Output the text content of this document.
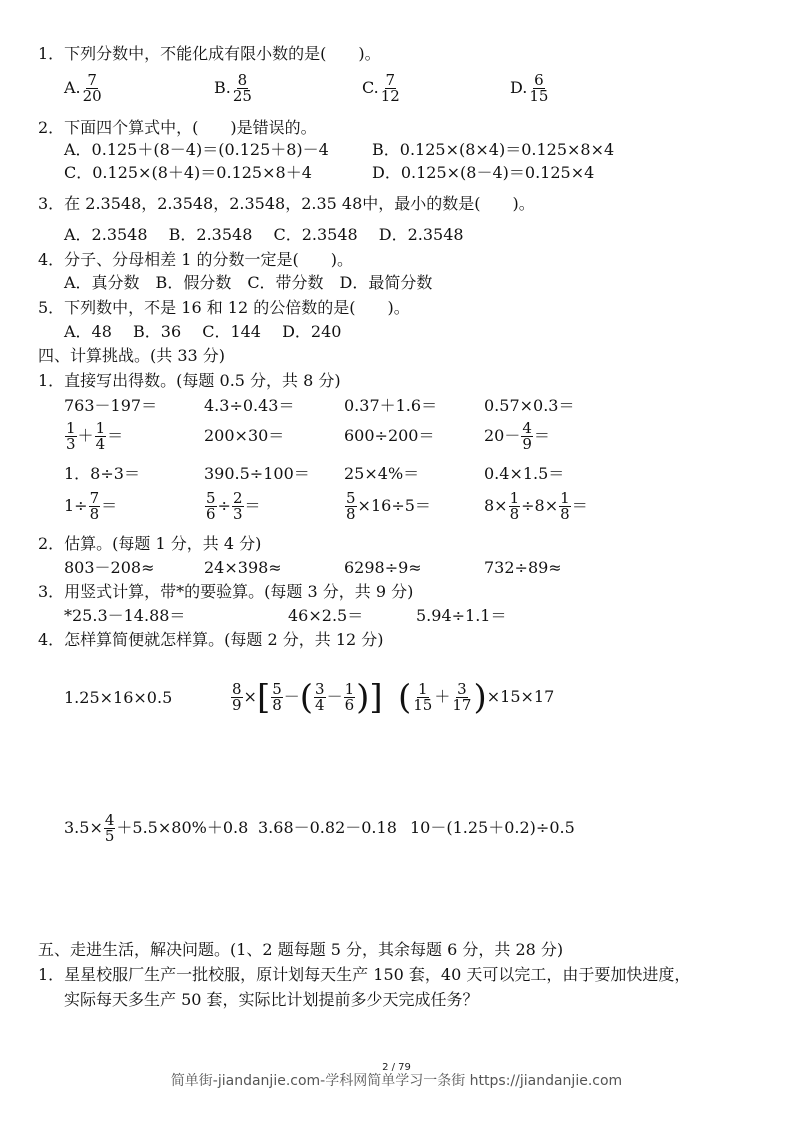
1．下列分数中，不能化成有限小数的是(　　)。
A. $\frac{7}{20}$	B. $\frac{8}{25}$	C. $\frac{7}{12}$	D. $\frac{6}{15}$
2．下面四个算式中，(　　)是错误的。
A．0.125＋(8－4)＝(0.125＋8)－4	B．0.125×(8×4)＝0.125×8×4
C．0.125×(8＋4)＝0.125×8＋4	D．0.125×(8－4)＝0.125×4
3．在 2.3548，2.3548，2.3548，2.35 48中，最小的数是(　　)。
A．2.3548　 B．2.3548　 C．2.3548　 D．2.3548
4．分子、分母相差 1 的分数一定是(　　)。
A．真分数　B．假分数　C．带分数　D．最简分数
5．下列数中，不是 16 和 12 的公倍数的是(　　)。
A．48　 B．36　 C．144　 D．240
四、计算挑战。(共 33 分)
1．直接写出得数。(每题 0.5 分，共 8 分)
763－197＝	4.3÷0.43＝	0.37＋1.6＝	0.57×0.3＝
$\frac{1}{3} + \frac{1}{4}$ ＝	200×30＝	600÷200＝	$20- \frac{4}{9}$ ＝
1．8÷3＝	390.5÷100＝ 25×4%＝	0.4×1.5＝
$1\div \frac{7}{8}$ ＝	$\frac{5}{6} \div \frac{2}{3}$ ＝	$\frac{5}{8} \times 16\div 5=$	$8\times \frac{1}{8} \div 8\times \frac{1}{8}$ ＝
2．估算。(每题 1 分，共 4 分)
803－208≈	24×398≈	6298÷9≈	732÷89≈
3．用竖式计算，带*的要验算。(每题 3 分，共 9 分)
*25.3－14.88＝	46×2.5＝	5.94÷1.1＝
4．怎样算简便就怎样算。(每题 2 分，共 12 分)
1.25×16×0.5	$\frac{8}{9}$ ×[ $\frac{5}{8}$ －( $\frac{3}{4} - \frac{1}{6}$ )] ( $\frac{1}{15} + \frac{3}{17} )\times 15\times 17$
$3.5\times \frac{4}{5} +5.5\times 80\%+0.8$ 3.68－0.82－0.18 10－(1.25＋0.2)÷0.5
五、走进生活，解决问题。(1、2 题每题 5 分，其余每题 6 分，共 28 分)
1．星星校服厂生产一批校服，原计划每天生产 150 套，40 天可以完工，由于要加快进度，
实际每天多生产 50 套，实际比计划提前多少天完成任务？
2 / 79
简单街-jiandanjie.com-学科网简单学习一条街 https://jiandanjie.com
